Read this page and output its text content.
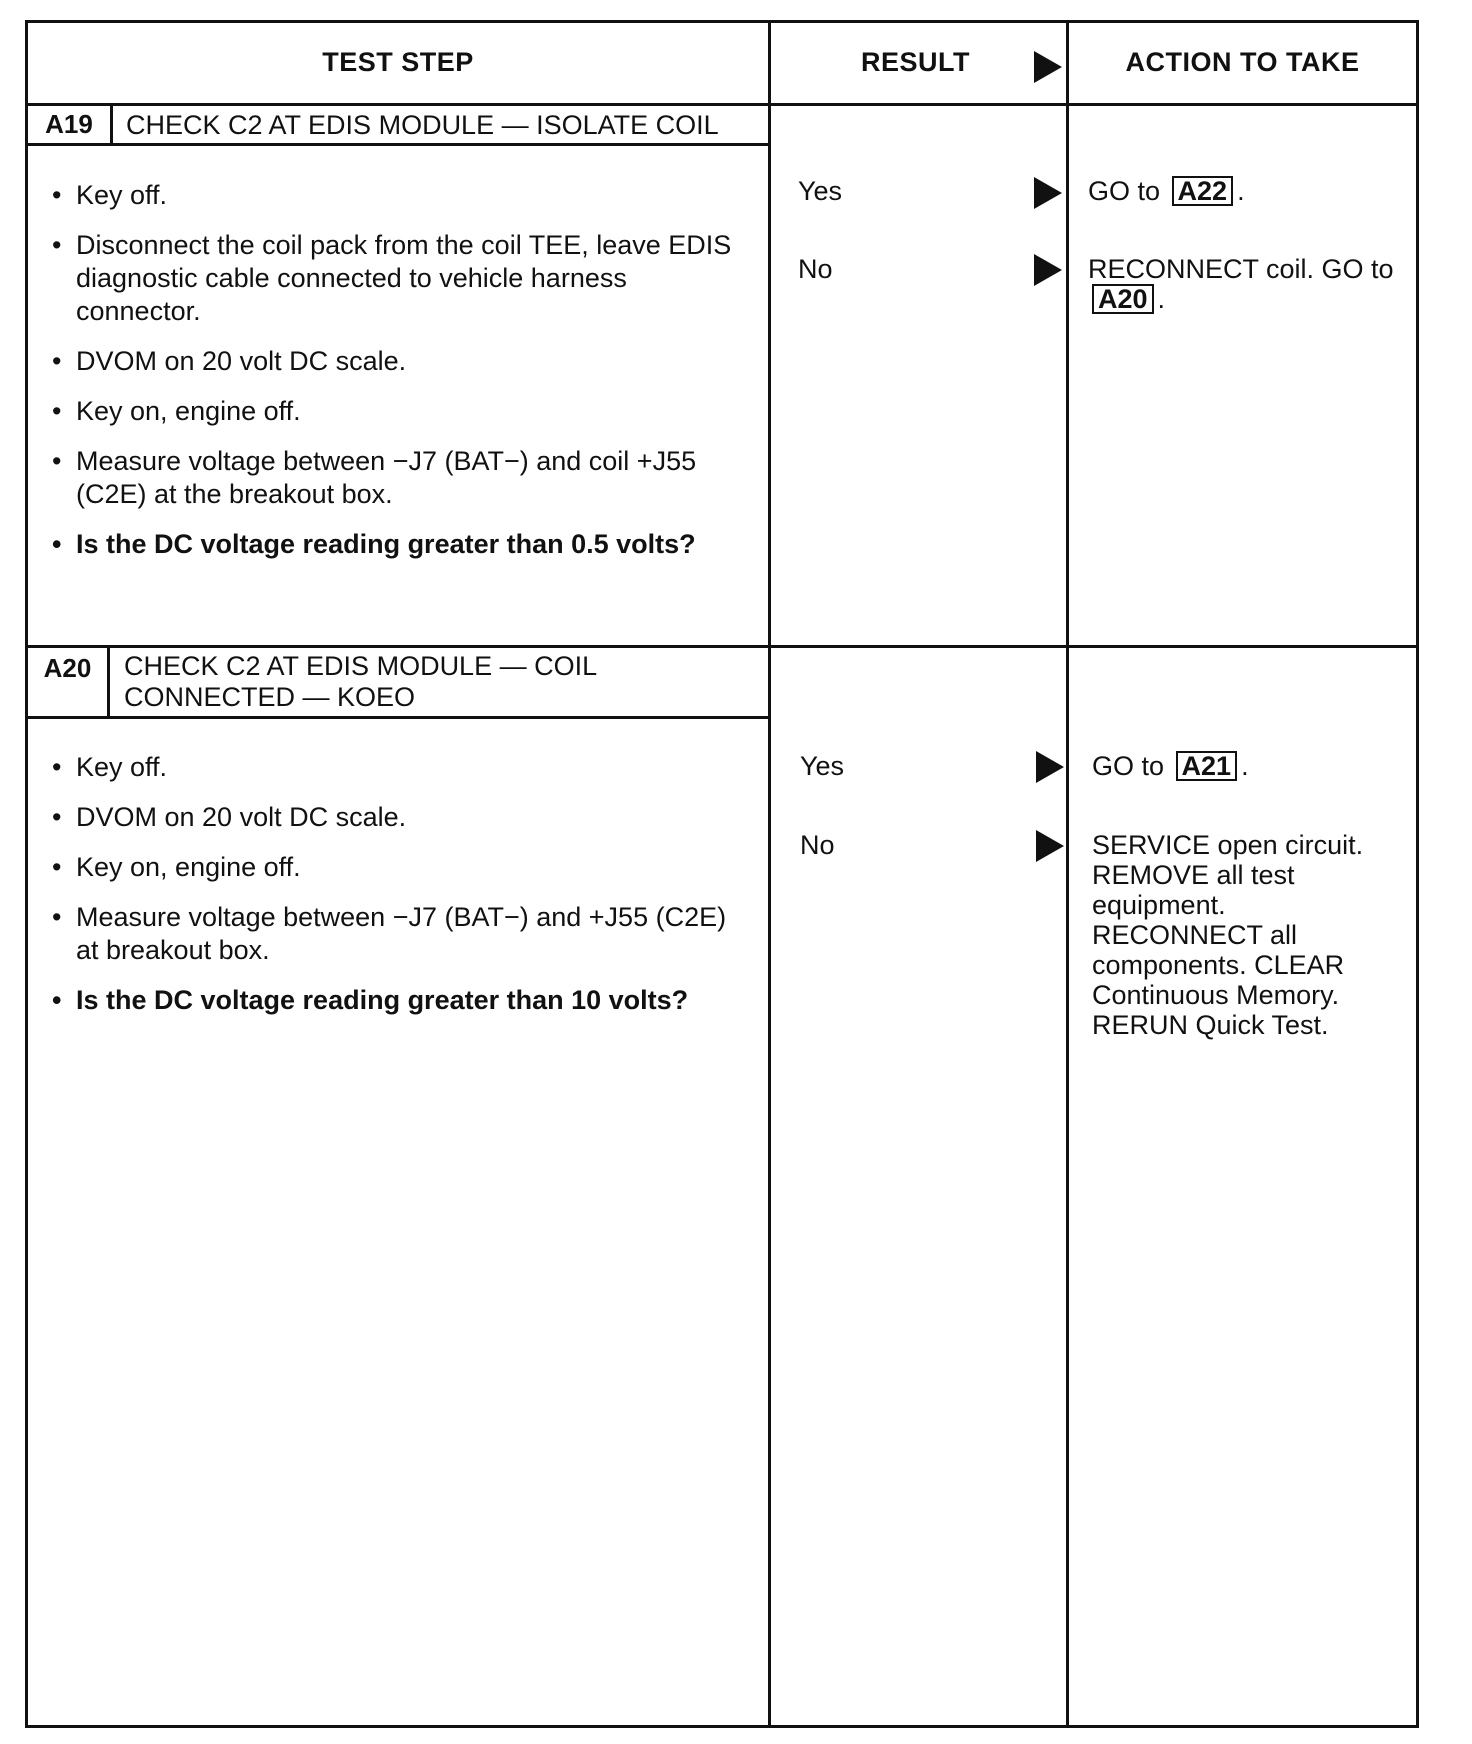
TEST STEP	RESULT	ACTION TO TAKE
A19	CHECK C2 AT EDIS MODULE — ISOLATE COIL
• Key off.
• Disconnect the coil pack from the coil TEE, leave EDIS diagnostic cable connected to vehicle harness connector.
• DVOM on 20 volt DC scale.
• Key on, engine off.
• Measure voltage between −J7 (BAT−) and coil +J55 (C2E) at the breakout box.
• Is the DC voltage reading greater than 0.5 volts?
Yes	GO to A22 .
No	RECONNECT coil. GO to A20 .
A20	CHECK C2 AT EDIS MODULE — COIL
CONNECTED — KOEO
• Key off.
• DVOM on 20 volt DC scale.
• Key on, engine off.
• Measure voltage between −J7 (BAT−) and +J55 (C2E) at breakout box.
• Is the DC voltage reading greater than 10 volts?
Yes	GO to A21 .
No	SERVICE open circuit. REMOVE all test equipment. RECONNECT all components. CLEAR Continuous Memory. RERUN Quick Test.
